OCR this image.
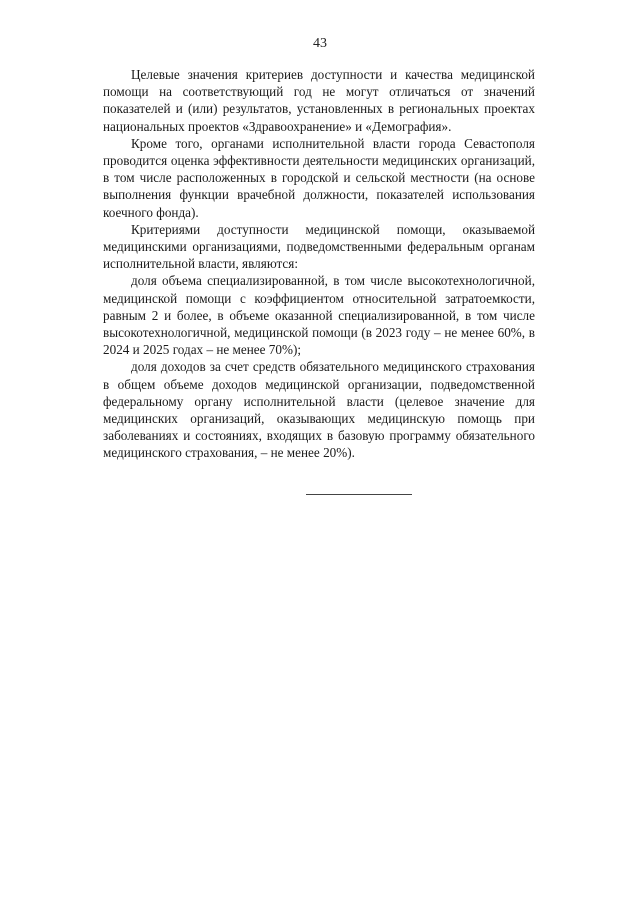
43

Целевые значения критериев доступности и качества медицинской помощи на соответствующий год не могут отличаться от значений показателей и (или) результатов, установленных в региональных проектах национальных проектов «Здравоохранение» и «Демография».

Кроме того, органами исполнительной власти города Севастополя проводится оценка эффективности деятельности медицинских организаций, в том числе расположенных в городской и сельской местности (на основе выполнения функции врачебной должности, показателей использования коечного фонда).

Критериями доступности медицинской помощи, оказываемой медицинскими организациями, подведомственными федеральным органам исполнительной власти, являются:

доля объема специализированной, в том числе высокотехнологичной, медицинской помощи с коэффициентом относительной затратоемкости, равным 2 и более, в объеме оказанной специализированной, в том числе высокотехнологичной, медицинской помощи (в 2023 году – не менее 60%, в 2024 и 2025 годах – не менее 70%);

доля доходов за счет средств обязательного медицинского страхования в общем объеме доходов медицинской организации, подведомственной федеральному органу исполнительной власти (целевое значение для медицинских организаций, оказывающих медицинскую помощь при заболеваниях и состояниях, входящих в базовую программу обязательного медицинского страхования, – не менее 20%).
